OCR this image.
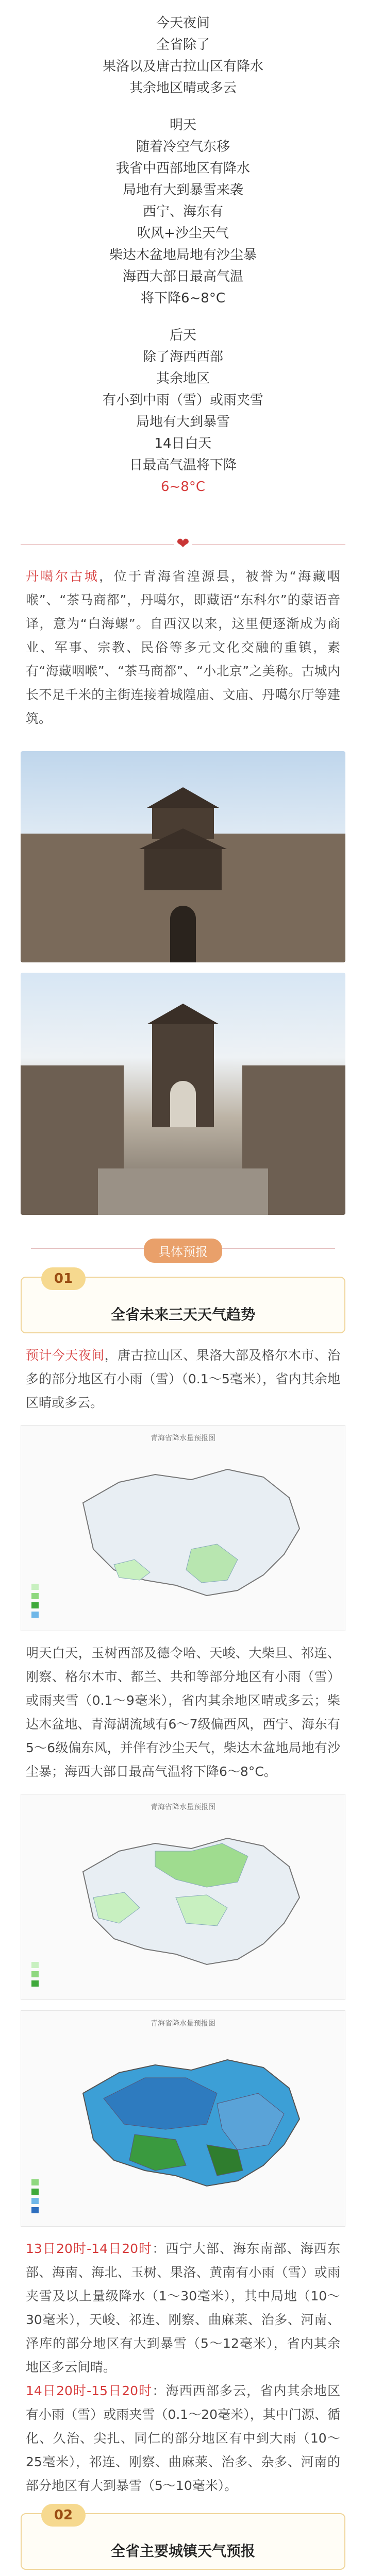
今天夜间

全省除了

果洛以及唐古拉山区有降水

其余地区晴或多云

明天

随着冷空气东移

我省中西部地区有降水

局地有大到暴雪来袭

西宁、海东有

吹风+沙尘天气

柴达木盆地局地有沙尘暴

海西大部日最高气温

将下降6~8°C

后天

除了海西西部

其余地区

有小到中雨（雪）或雨夹雪

局地有大到暴雪

14日白天

日最高气温将下降

6~8°C

❤
丹噶尔古城，位于青海省湟源县，被誉为“海藏咽喉”、“茶马商都”，丹噶尔，即藏语“东科尔”的蒙语音译，意为“白海螺”。自西汉以来，这里便逐渐成为商业、军事、宗教、民俗等多元文化交融的重镇，素有“海藏咽喉”、“茶马商都”、“小北京”之美称。古城内长不足千米的主街连接着城隍庙、文庙、丹噶尔厅等建筑。
具体预报
01
全省未来三天天气趋势
预计今天夜间，唐古拉山区、果洛大部及格尔木市、治多的部分地区有小雨（雪）（0.1～5毫米），省内其余地区晴或多云。
青海省降水量预报图
明天白天，玉树西部及德令哈、天峻、大柴旦、祁连、刚察、格尔木市、都兰、共和等部分地区有小雨（雪）或雨夹雪（0.1～9毫米），省内其余地区晴或多云；柴达木盆地、青海湖流域有6～7级偏西风，西宁、海东有5～6级偏东风，并伴有沙尘天气，柴达木盆地局地有沙尘暴；海西大部日最高气温将下降6～8°C。
青海省降水量预报图
青海省降水量预报图
13日20时-14日20时：西宁大部、海东南部、海西东部、海南、海北、玉树、果洛、黄南有小雨（雪）或雨夹雪及以上量级降水（1～30毫米），其中局地（10～30毫米），天峻、祁连、刚察、曲麻莱、治多、河南、泽库的部分地区有大到暴雪（5～12毫米），省内其余地区多云间晴。
14日20时-15日20时：海西西部多云，省内其余地区有小雨（雪）或雨夹雪（0.1～20毫米），其中门源、循化、久治、尖扎、同仁的部分地区有中到大雨（10～25毫米），祁连、刚察、曲麻莱、治多、杂多、河南的部分地区有大到暴雪（5～10毫米）。
02
全省主要城镇天气预报
